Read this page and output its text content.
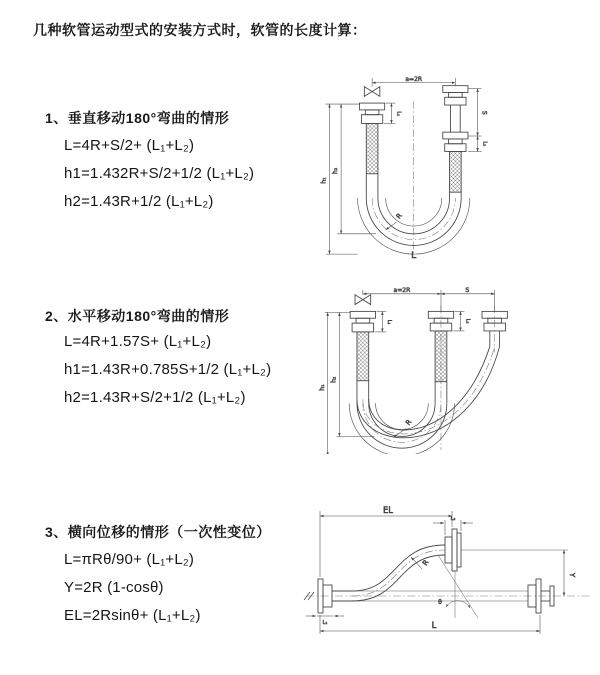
几种软管运动型式的安装方式时，软管的长度计算：
1、垂直移动180°弯曲的情形
L=4R+S/2+ (L₁+L₂)
h1=1.432R+S/2+1/2 (L₁+L₂)
h2=1.43R+1/2 (L₁+L₂)
2、水平移动180°弯曲的情形
L=4R+1.57S+ (L₁+L₂)
h1=1.43R+0.785S+1/2 (L₁+L₂)
h2=1.43R+S/2+1/2 (L₁+L₂)
3、横向位移的情形（一次性变位）
L=πRθ/90+ (L₁+L₂)
Y=2R (1-cosθ)
EL=2Rsinθ+ (L₁+L₂)
a=2R
S
L₂
L₁
h₁
h₂
R
L
a=2R	S
h₁
h₂
L₁	L₂
R
EL
L₂
Y
L
L₁
R
θ
